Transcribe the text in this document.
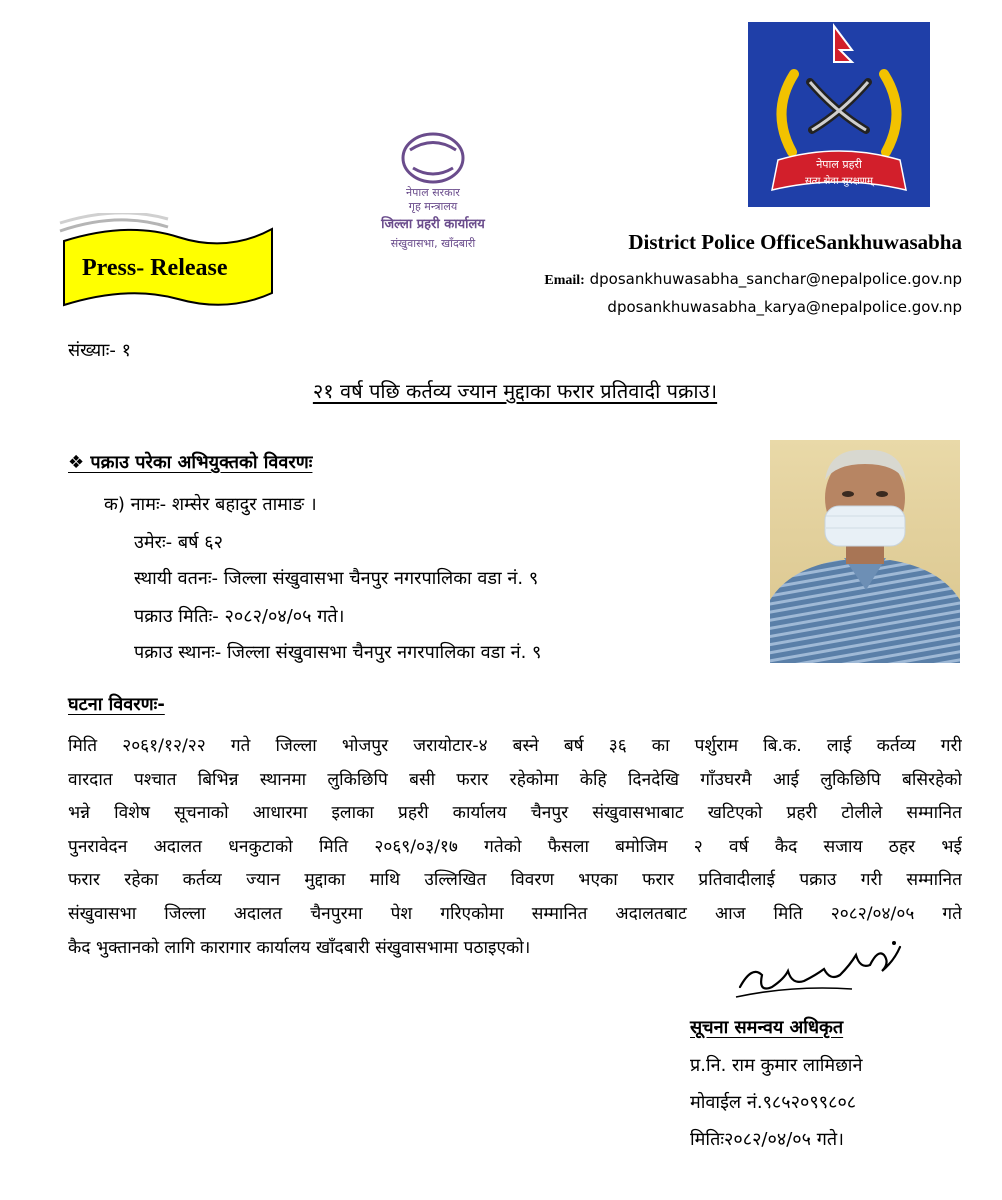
नेपाल सरकार
गृह मन्त्रालय
जिल्ला प्रहरी कार्यालय
संखुवासभा, खाँदबारी
नेपाल प्रहरी
सत्य सेवा सुरक्षणम्
Press- Release
District Police OfficeSankhuwasabha
Email: dposankhuwasabha_sanchar@nepalpolice.gov.np
dposankhuwasabha_karya@nepalpolice.gov.np
संख्याः- १
२१ वर्ष पछि कर्तव्य ज्यान मुद्दाका फरार प्रतिवादी पक्राउ।
❖ पक्राउ परेका अभियुक्तको विवरणः
क) नामः- शम्सेर बहादुर तामाङ ।
उमेरः- बर्ष ६२
स्थायी वतनः- जिल्ला संखुवासभा चैनपुर नगरपालिका वडा नं. ९
पक्राउ मितिः- २०८२/०४/०५ गते।
पक्राउ स्थानः- जिल्ला संखुवासभा चैनपुर नगरपालिका वडा नं. ९
घटना विवरणः-
मिति २०६१/१२/२२ गते जिल्ला भोजपुर जरायोटार-४ बस्ने बर्ष ३६ का पर्शुराम बि.क. लाई कर्तव्य गरी
वारदात पश्चात बिभिन्न स्थानमा लुकिछिपि बसी फरार रहेकोमा केहि दिनदेखि गाँउघरमै आई लुकिछिपि बसिरहेको
भन्ने विशेष सूचनाको आधारमा इलाका प्रहरी कार्यालय चैनपुर संखुवासभाबाट खटिएको प्रहरी टोलीले सम्मानित
पुनरावेदन अदालत धनकुटाको मिति २०६९/०३/१७ गतेको फैसला बमोजिम २ वर्ष कैद सजाय ठहर भई
फरार रहेका कर्तव्य ज्यान मुद्दाका माथि उल्लिखित विवरण भएका फरार प्रतिवादीलाई पक्राउ गरी सम्मानित
संखुवासभा जिल्ला अदालत चैनपुरमा पेश गरिएकोमा सम्मानित अदालतबाट आज मिति २०८२/०४/०५ गते
कैद भुक्तानको लागि कारागार कार्यालय खाँदबारी संखुवासभामा पठाइएको।
सूचना समन्वय अधिकृत
प्र.नि. राम कुमार लामिछाने
मोवाईल नं.९८५२०९९८०८
मितिः२०८२/०४/०५ गते।
